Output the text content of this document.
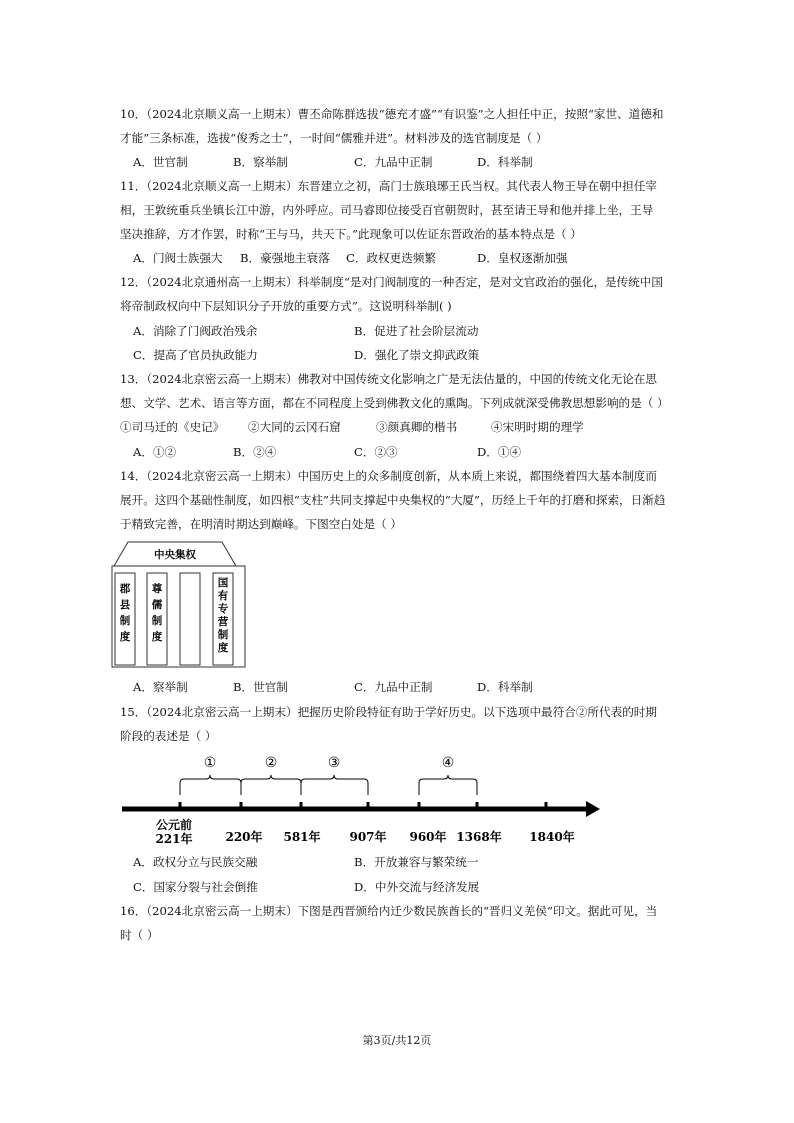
10．（2024北京顺义高一上期末）曹丕命陈群选拔“德充才盛”“有识鉴”之人担任中正，按照“家世、道德和
才能”三条标准，选拔“俊秀之士”，一时间“儒雅并进”。材料涉及的选官制度是（ ）
A．世官制	B．察举制	C．九品中正制	D．科举制
11．（2024北京顺义高一上期末）东晋建立之初，高门士族琅琊王氏当权。其代表人物王导在朝中担任宰
相，王敦统重兵坐镇长江中游，内外呼应。司马睿即位接受百官朝贺时，甚至请王导和他并排上坐，王导
坚决推辞，方才作罢，时称“王与马，共天下。”此现象可以佐证东晋政治的基本特点是（ ）
A．门阀士族强大 B．豪强地主衰落 C．政权更迭频繁	D．皇权逐渐加强
12．（2024北京通州高一上期末）科举制度“是对门阀制度的一种否定，是对文官政治的强化，是传统中国
将帝制政权向中下层知识分子开放的重要方式”。这说明科举制( )
A．消除了门阀政治残余	B．促进了社会阶层流动
C．提高了官员执政能力	D．强化了崇文抑武政策
13．（2024北京密云高一上期末）佛教对中国传统文化影响之广是无法估量的，中国的传统文化无论在思
想、文学、艺术、语言等方面，都在不同程度上受到佛教文化的熏陶。下列成就深受佛教思想影响的是（ ）
①司马迁的《史记》 ②大同的云冈石窟	③颜真卿的楷书	④宋明时期的理学
A．①②	B．②④	C．②③	D．①④
14．（2024北京密云高一上期末）中国历史上的众多制度创新，从本质上来说，都围绕着四大基本制度而
展开。这四个基础性制度，如四根“支柱”共同支撑起中央集权的“大厦”，历经上千年的打磨和探索，日渐趋
于精致完善，在明清时期达到巅峰。下图空白处是（ ）
中央集权
郡县制度
尊儒制度
国有专营制度
A．察举制	B．世官制	C．九品中正制	D．科举制
15．（2024北京密云高一上期末）把握历史阶段特征有助于学好历史。以下选项中最符合②所代表的时期
阶段的表述是（ ）
①	②	③	④
公元前
221年	220年 581年 907年 960年 1368年 1840年
A．政权分立与民族交融	B．开放兼容与繁荣统一
C．国家分裂与社会倒推	D．中外交流与经济发展
16．（2024北京密云高一上期末）下图是西晋颁给内迁少数民族酋长的“晋归义羌侯”印文。据此可见，当
时（ ）
第3页/共12页
